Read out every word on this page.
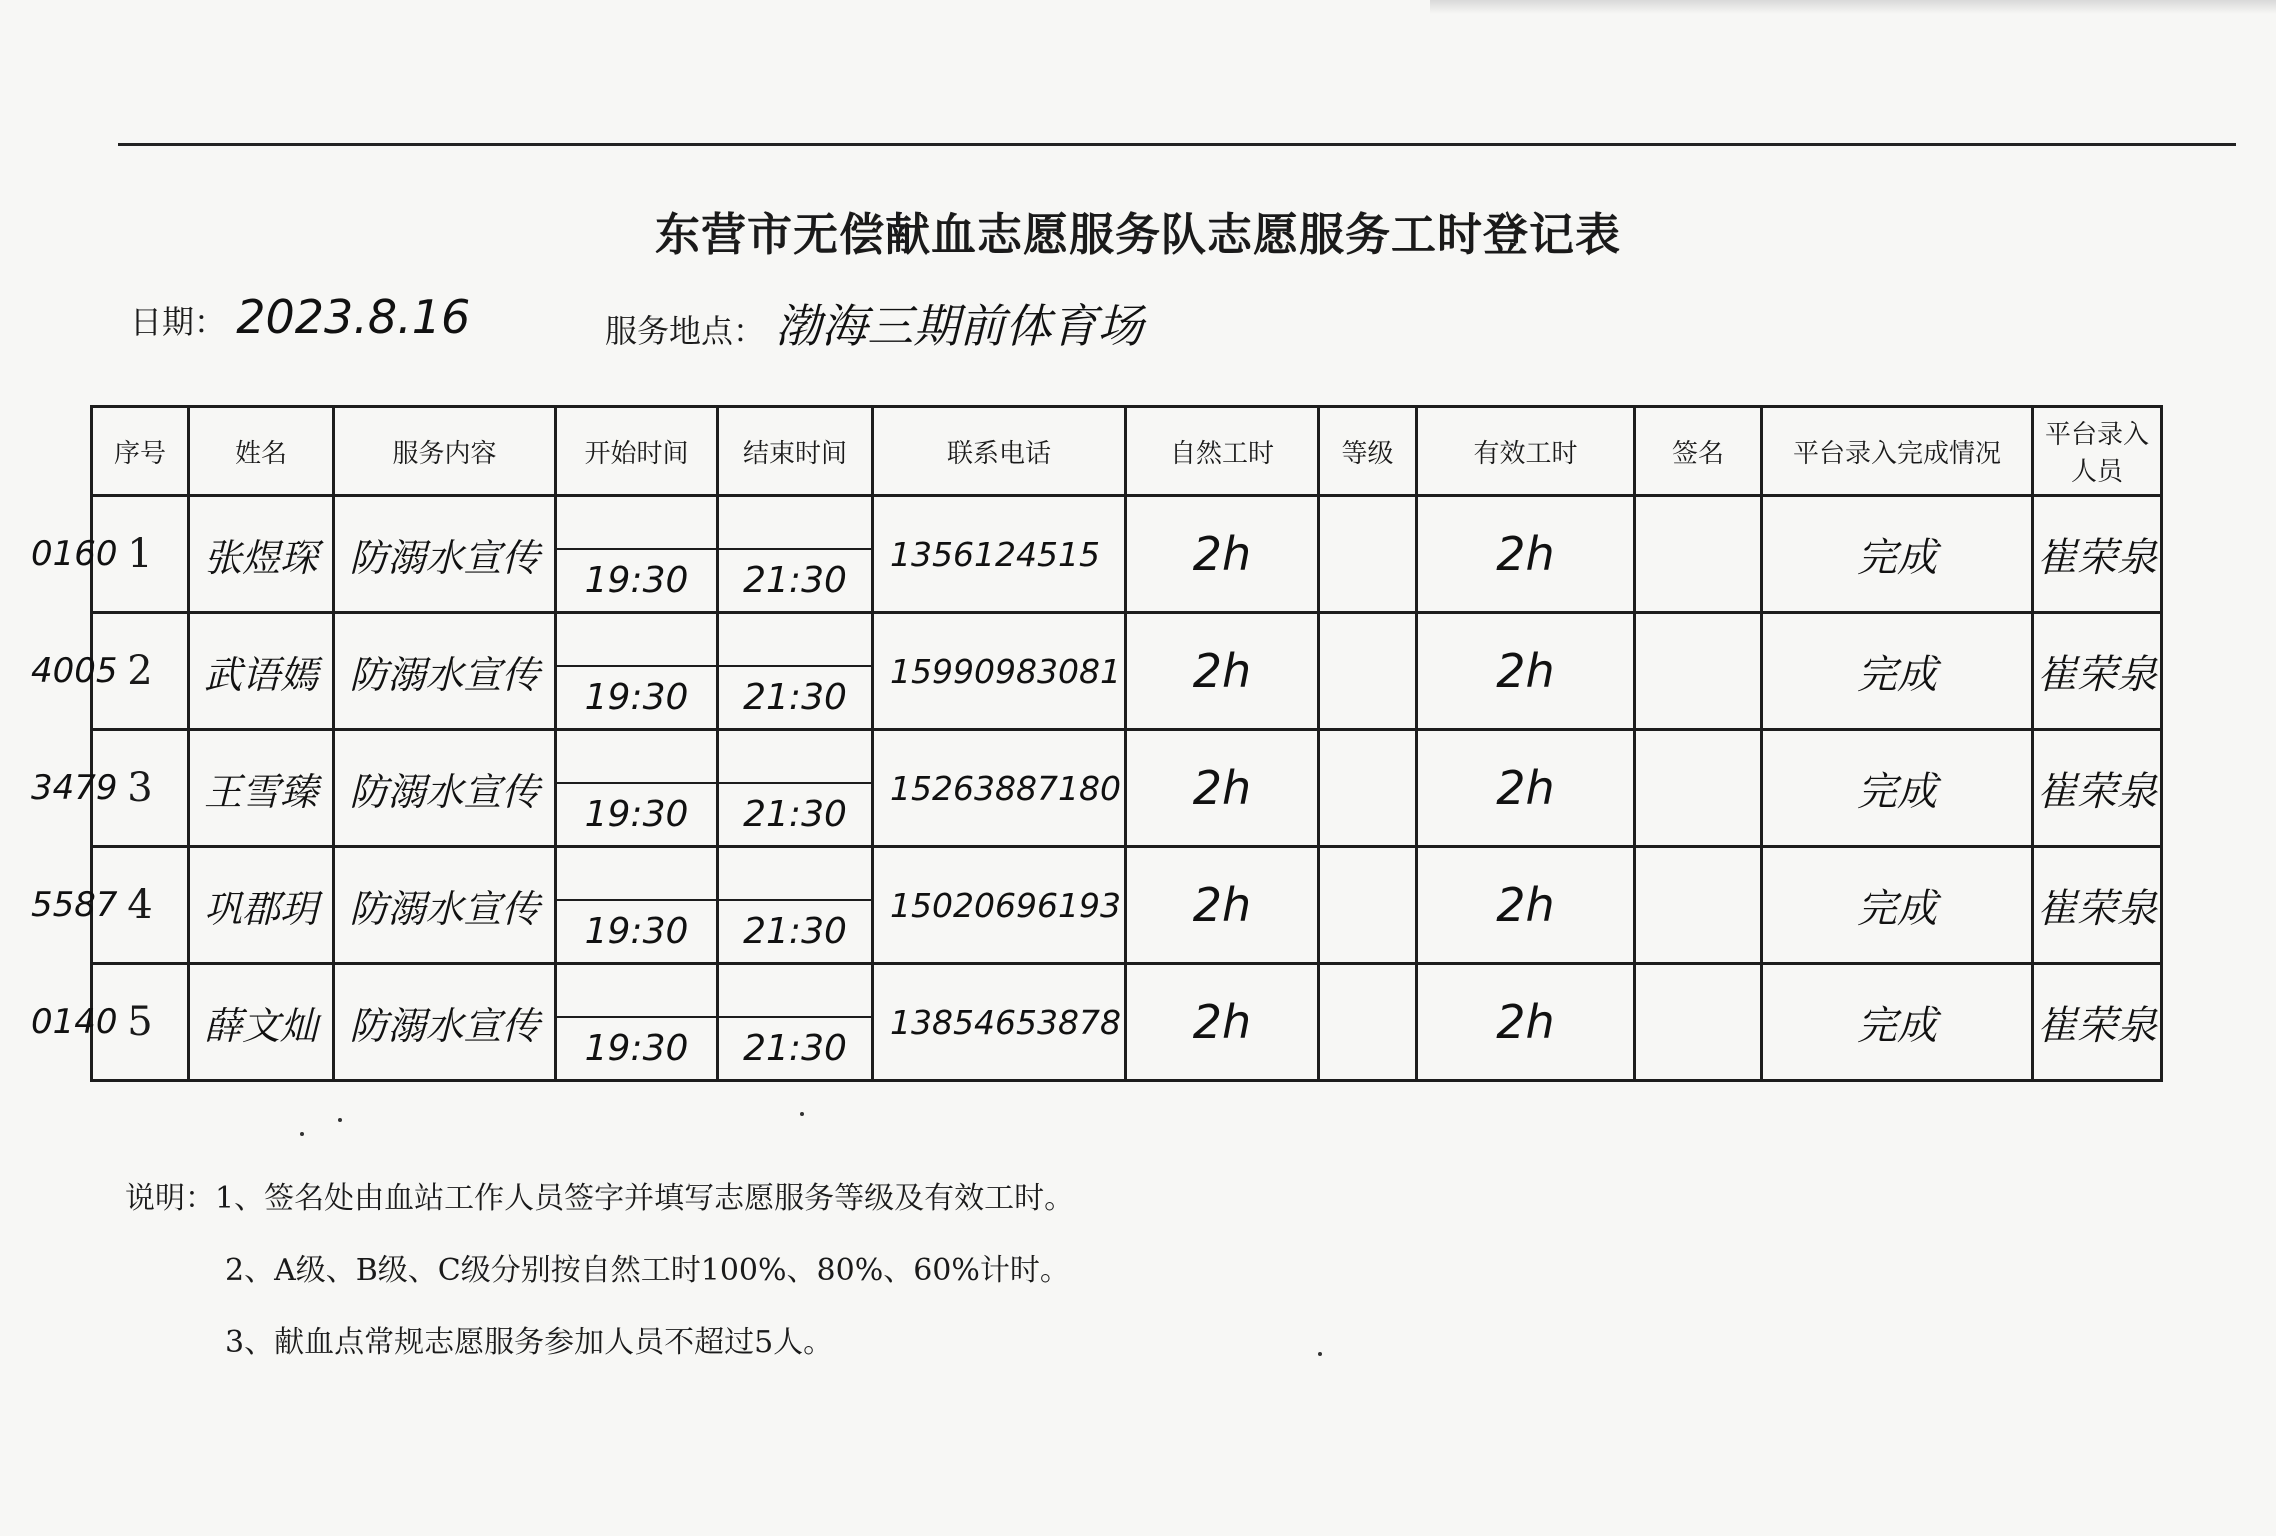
东营市无偿献血志愿服务队志愿服务工时登记表
日期： 2023.8.16	服务地点： 渤海三期前体育场
序号	姓名	服务内容	开始时间	结束时间	联系电话	自然工时	等级	有效工时	签名	平台录入完成情况	平台录入人员

0160 1	张煜琛	防溺水宣传	19:30	21:30	1356124515	2h		2h		完成	崔荣泉

4005 2	武语嫣	防溺水宣传	19:30	21:30	15990983081	2h		2h		完成	崔荣泉

3479 3	王雪臻	防溺水宣传	19:30	21:30	15263887180	2h		2h		完成	崔荣泉

5587 4	巩郡玥	防溺水宣传	19:30	21:30	15020696193	2h		2h		完成	崔荣泉

0140 5	薛文灿	防溺水宣传	19:30	21:30	13854653878	2h		2h		完成	崔荣泉
说明：1、签名处由血站工作人员签字并填写志愿服务等级及有效工时。
2、A级、B级、C级分别按自然工时100%、80%、60%计时。
3、献血点常规志愿服务参加人员不超过5人。
